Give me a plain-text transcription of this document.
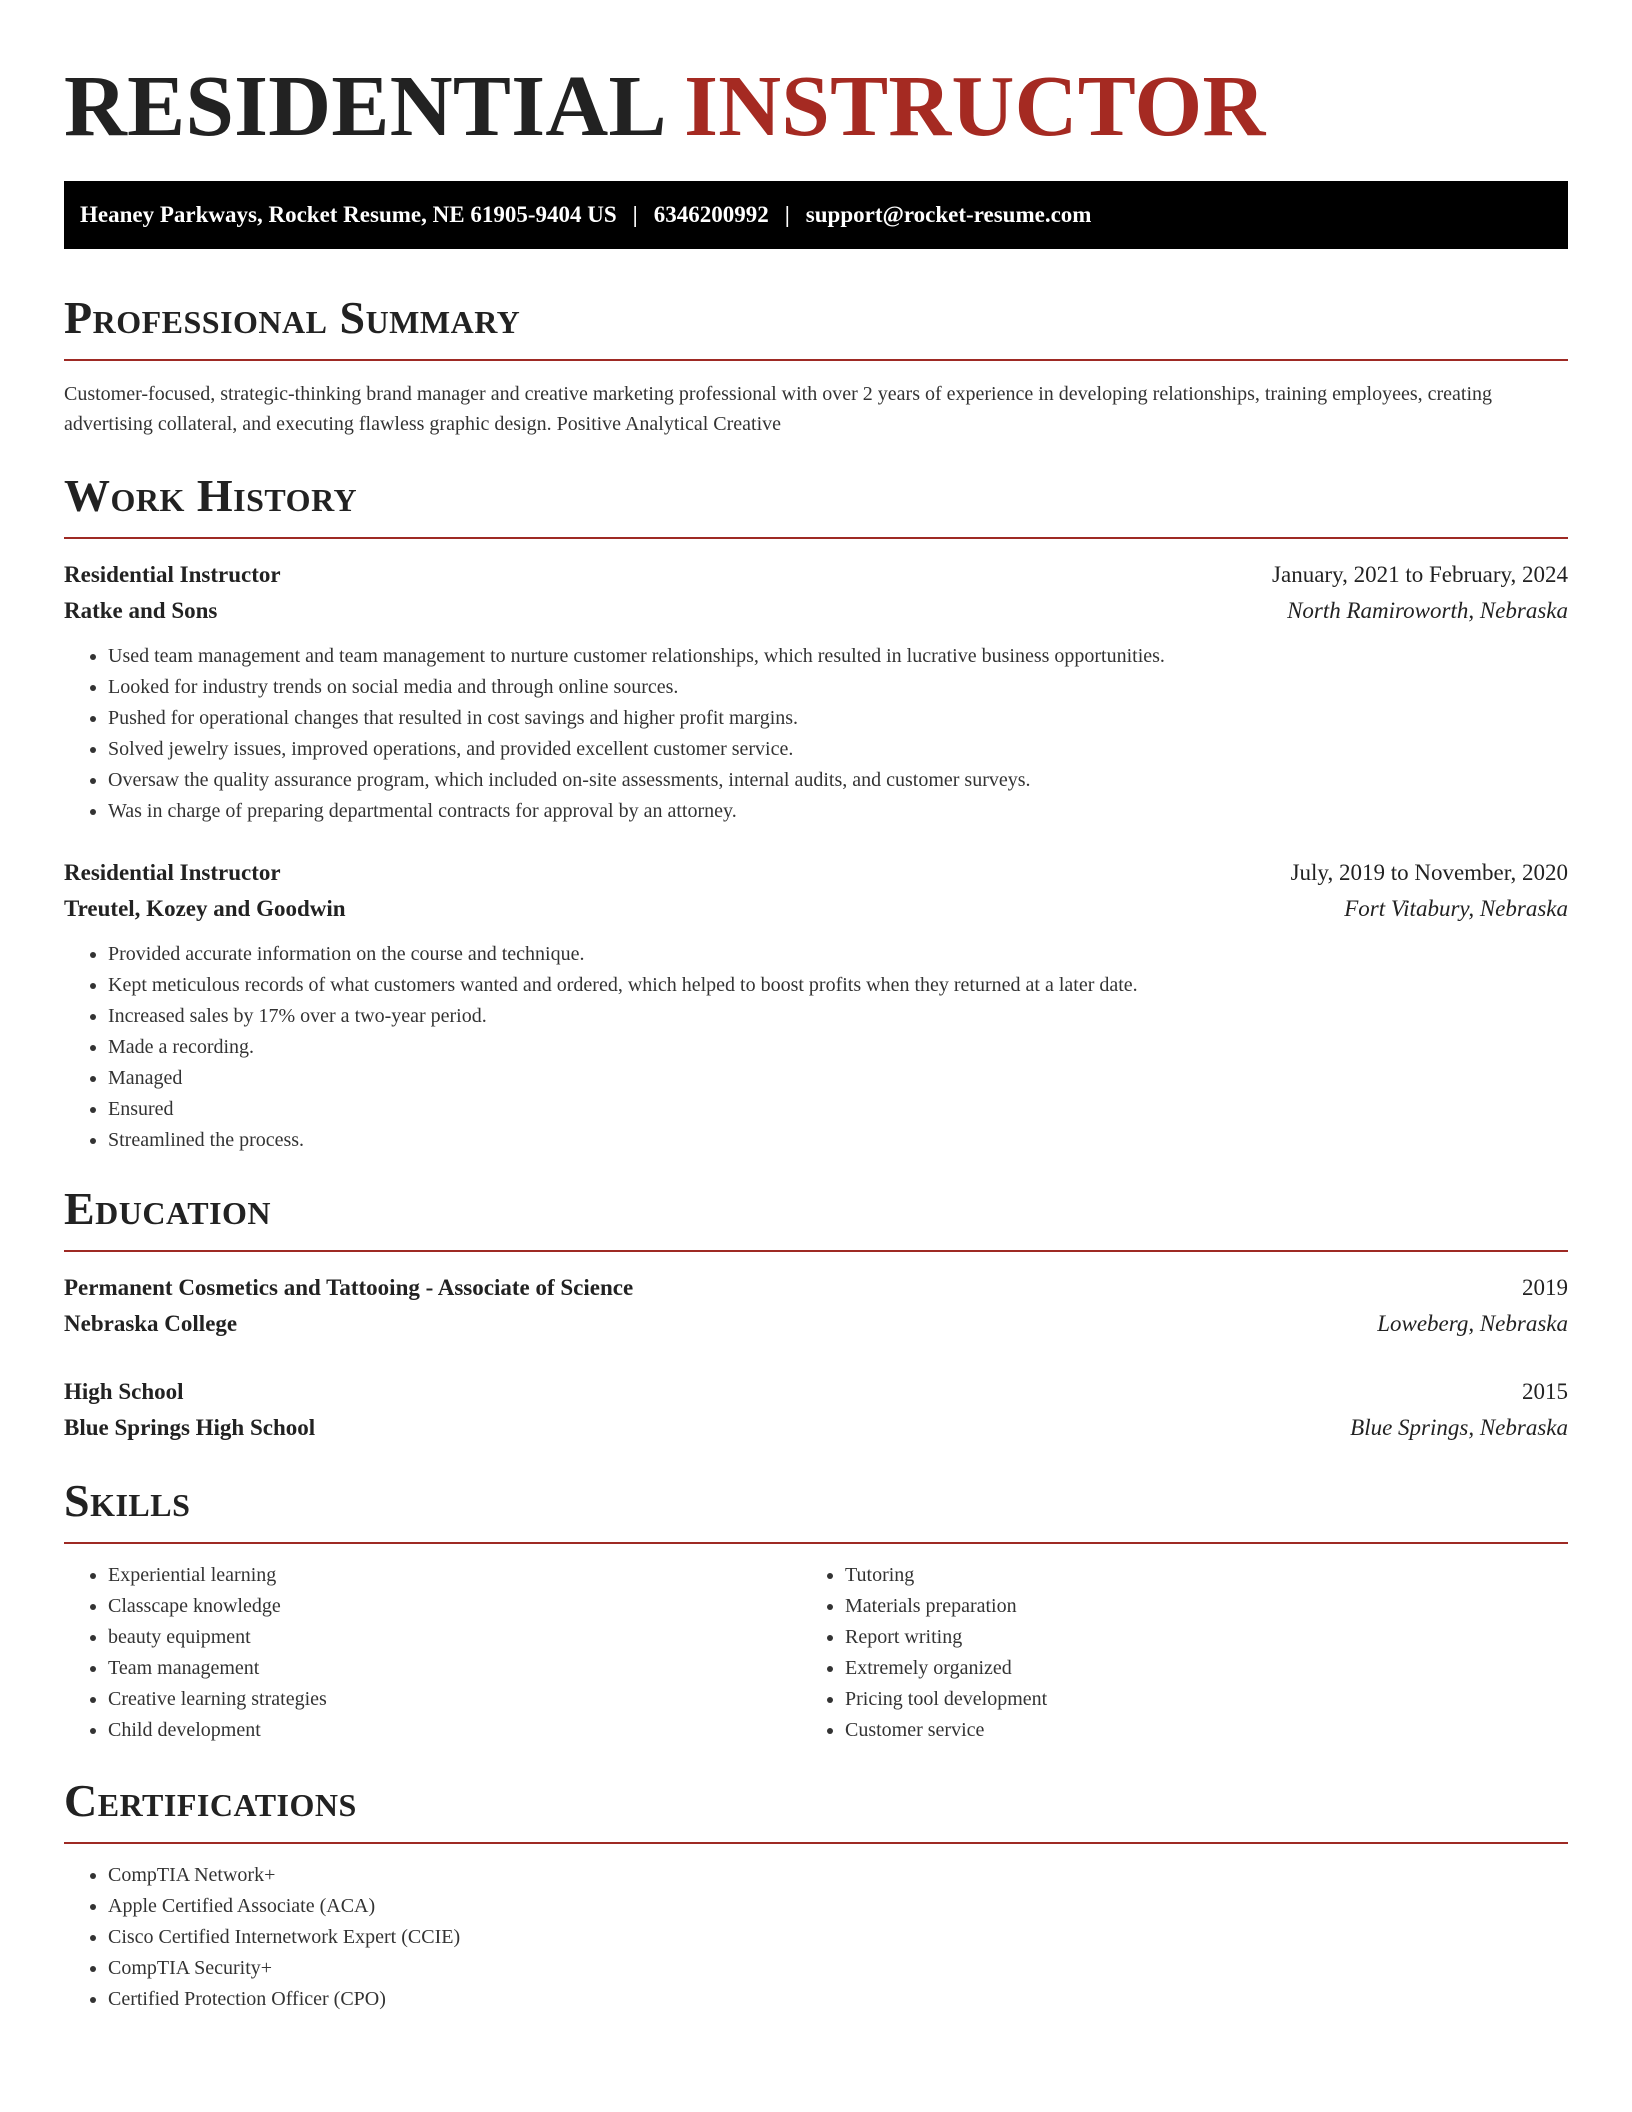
RESIDENTIAL INSTRUCTOR
Heaney Parkways, Rocket Resume, NE 61905-9404 US | 6346200992 | support@rocket-resume.com
Professional Summary

Customer-focused, strategic-thinking brand manager and creative marketing professional with over 2 years of experience in developing relationships, training employees, creating advertising collateral, and executing flawless graphic design. Positive Analytical Creative

Work History
Residential Instructor	January, 2021 to February, 2024
Ratke and Sons	North Ramiroworth, Nebraska
• Used team management and team management to nurture customer relationships, which resulted in lucrative business opportunities.
• Looked for industry trends on social media and through online sources.
• Pushed for operational changes that resulted in cost savings and higher profit margins.
• Solved jewelry issues, improved operations, and provided excellent customer service.
• Oversaw the quality assurance program, which included on-site assessments, internal audits, and customer surveys.
• Was in charge of preparing departmental contracts for approval by an attorney.
Residential Instructor	July, 2019 to November, 2020
Treutel, Kozey and Goodwin	Fort Vitabury, Nebraska
• Provided accurate information on the course and technique.
• Kept meticulous records of what customers wanted and ordered, which helped to boost profits when they returned at a later date.
• Increased sales by 17% over a two-year period.
• Made a recording.
• Managed
• Ensured
• Streamlined the process.
Education
Permanent Cosmetics and Tattooing - Associate of Science	2019
Nebraska College	Loweberg, Nebraska
High School	2015
Blue Springs High School	Blue Springs, Nebraska
Skills
• Experiential learning
• Classcape knowledge
• beauty equipment
• Team management
• Creative learning strategies
• Child development
• Tutoring
• Materials preparation
• Report writing
• Extremely organized
• Pricing tool development
• Customer service
Certifications
• CompTIA Network+
• Apple Certified Associate (ACA)
• Cisco Certified Internetwork Expert (CCIE)
• CompTIA Security+
• Certified Protection Officer (CPO)
